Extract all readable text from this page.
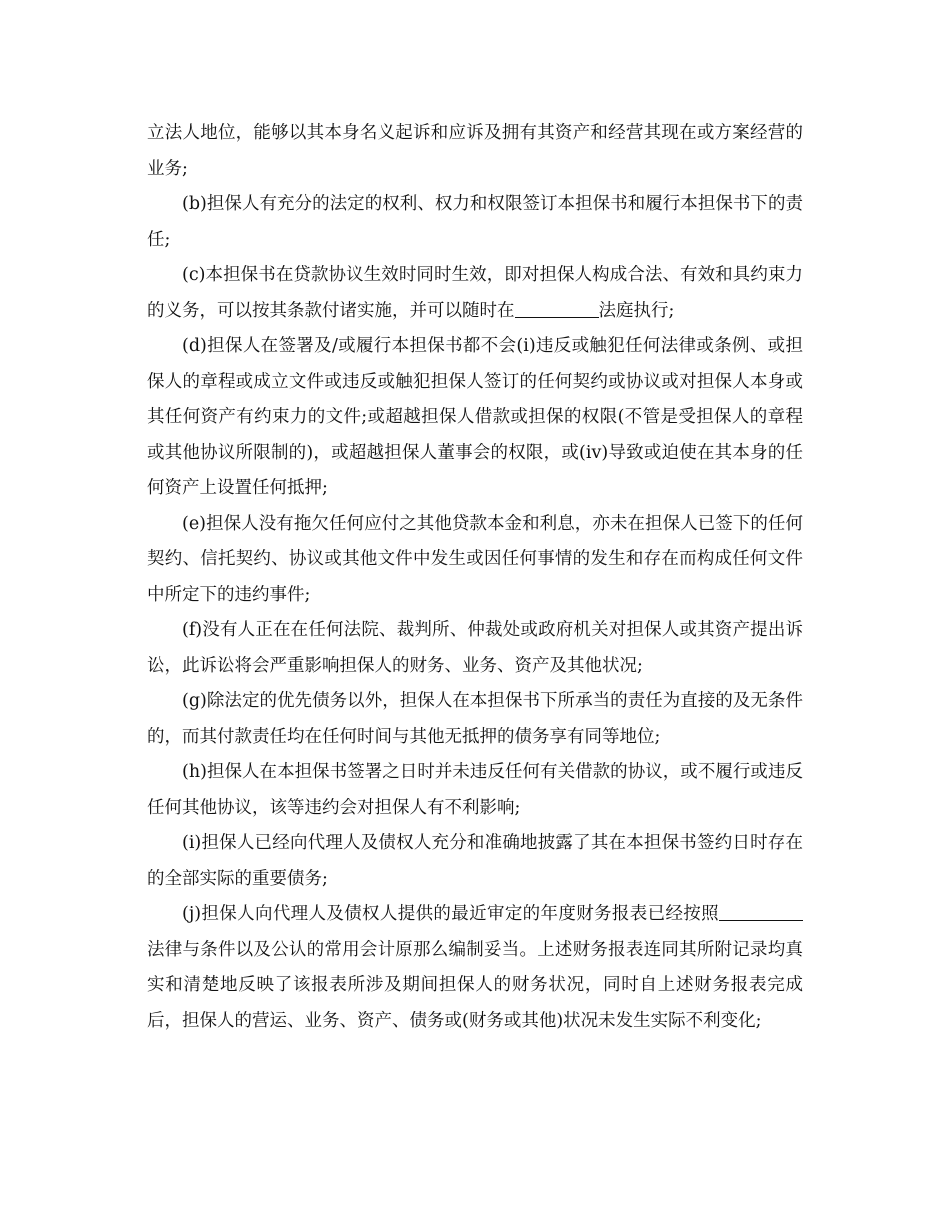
立法人地位，能够以其本身名义起诉和应诉及拥有其资产和经营其现在或方案经营的业务;

(b)担保人有充分的法定的权利、权力和权限签订本担保书和履行本担保书下的责任;

(c)本担保书在贷款协议生效时同时生效，即对担保人构成合法、有效和具约束力的义务，可以按其条款付诸实施，并可以随时在	法庭执行;

(d)担保人在签署及/或履行本担保书都不会(i)违反或触犯任何法律或条例、或担保人的章程或成立文件或违反或触犯担保人签订的任何契约或协议或对担保人本身或其任何资产有约束力的文件;或超越担保人借款或担保的权限(不管是受担保人的章程或其他协议所限制的)，或超越担保人董事会的权限，或(iv)导致或迫使在其本身的任何资产上设置任何抵押;

(e)担保人没有拖欠任何应付之其他贷款本金和利息，亦未在担保人已签下的任何契约、信托契约、协议或其他文件中发生或因任何事情的发生和存在而构成任何文件中所定下的违约事件;

(f)没有人正在在任何法院、裁判所、仲裁处或政府机关对担保人或其资产提出诉讼，此诉讼将会严重影响担保人的财务、业务、资产及其他状况;

(g)除法定的优先债务以外，担保人在本担保书下所承当的责任为直接的及无条件的，而其付款责任均在任何时间与其他无抵押的债务享有同等地位;

(h)担保人在本担保书签署之日时并未违反任何有关借款的协议，或不履行或违反任何其他协议，该等违约会对担保人有不利影响;

(i)担保人已经向代理人及债权人充分和准确地披露了其在本担保书签约日时存在的全部实际的重要债务;

(j)担保人向代理人及债权人提供的最近审定的年度财务报表已经按照法律与条件以及公认的常用会计原那么编制妥当。上述财务报表连同其所附记录均真实和清楚地反映了该报表所涉及期间担保人的财务状况，同时自上述财务报表完成后，担保人的营运、业务、资产、债务或(财务或其他)状况未发生实际不利变化;
